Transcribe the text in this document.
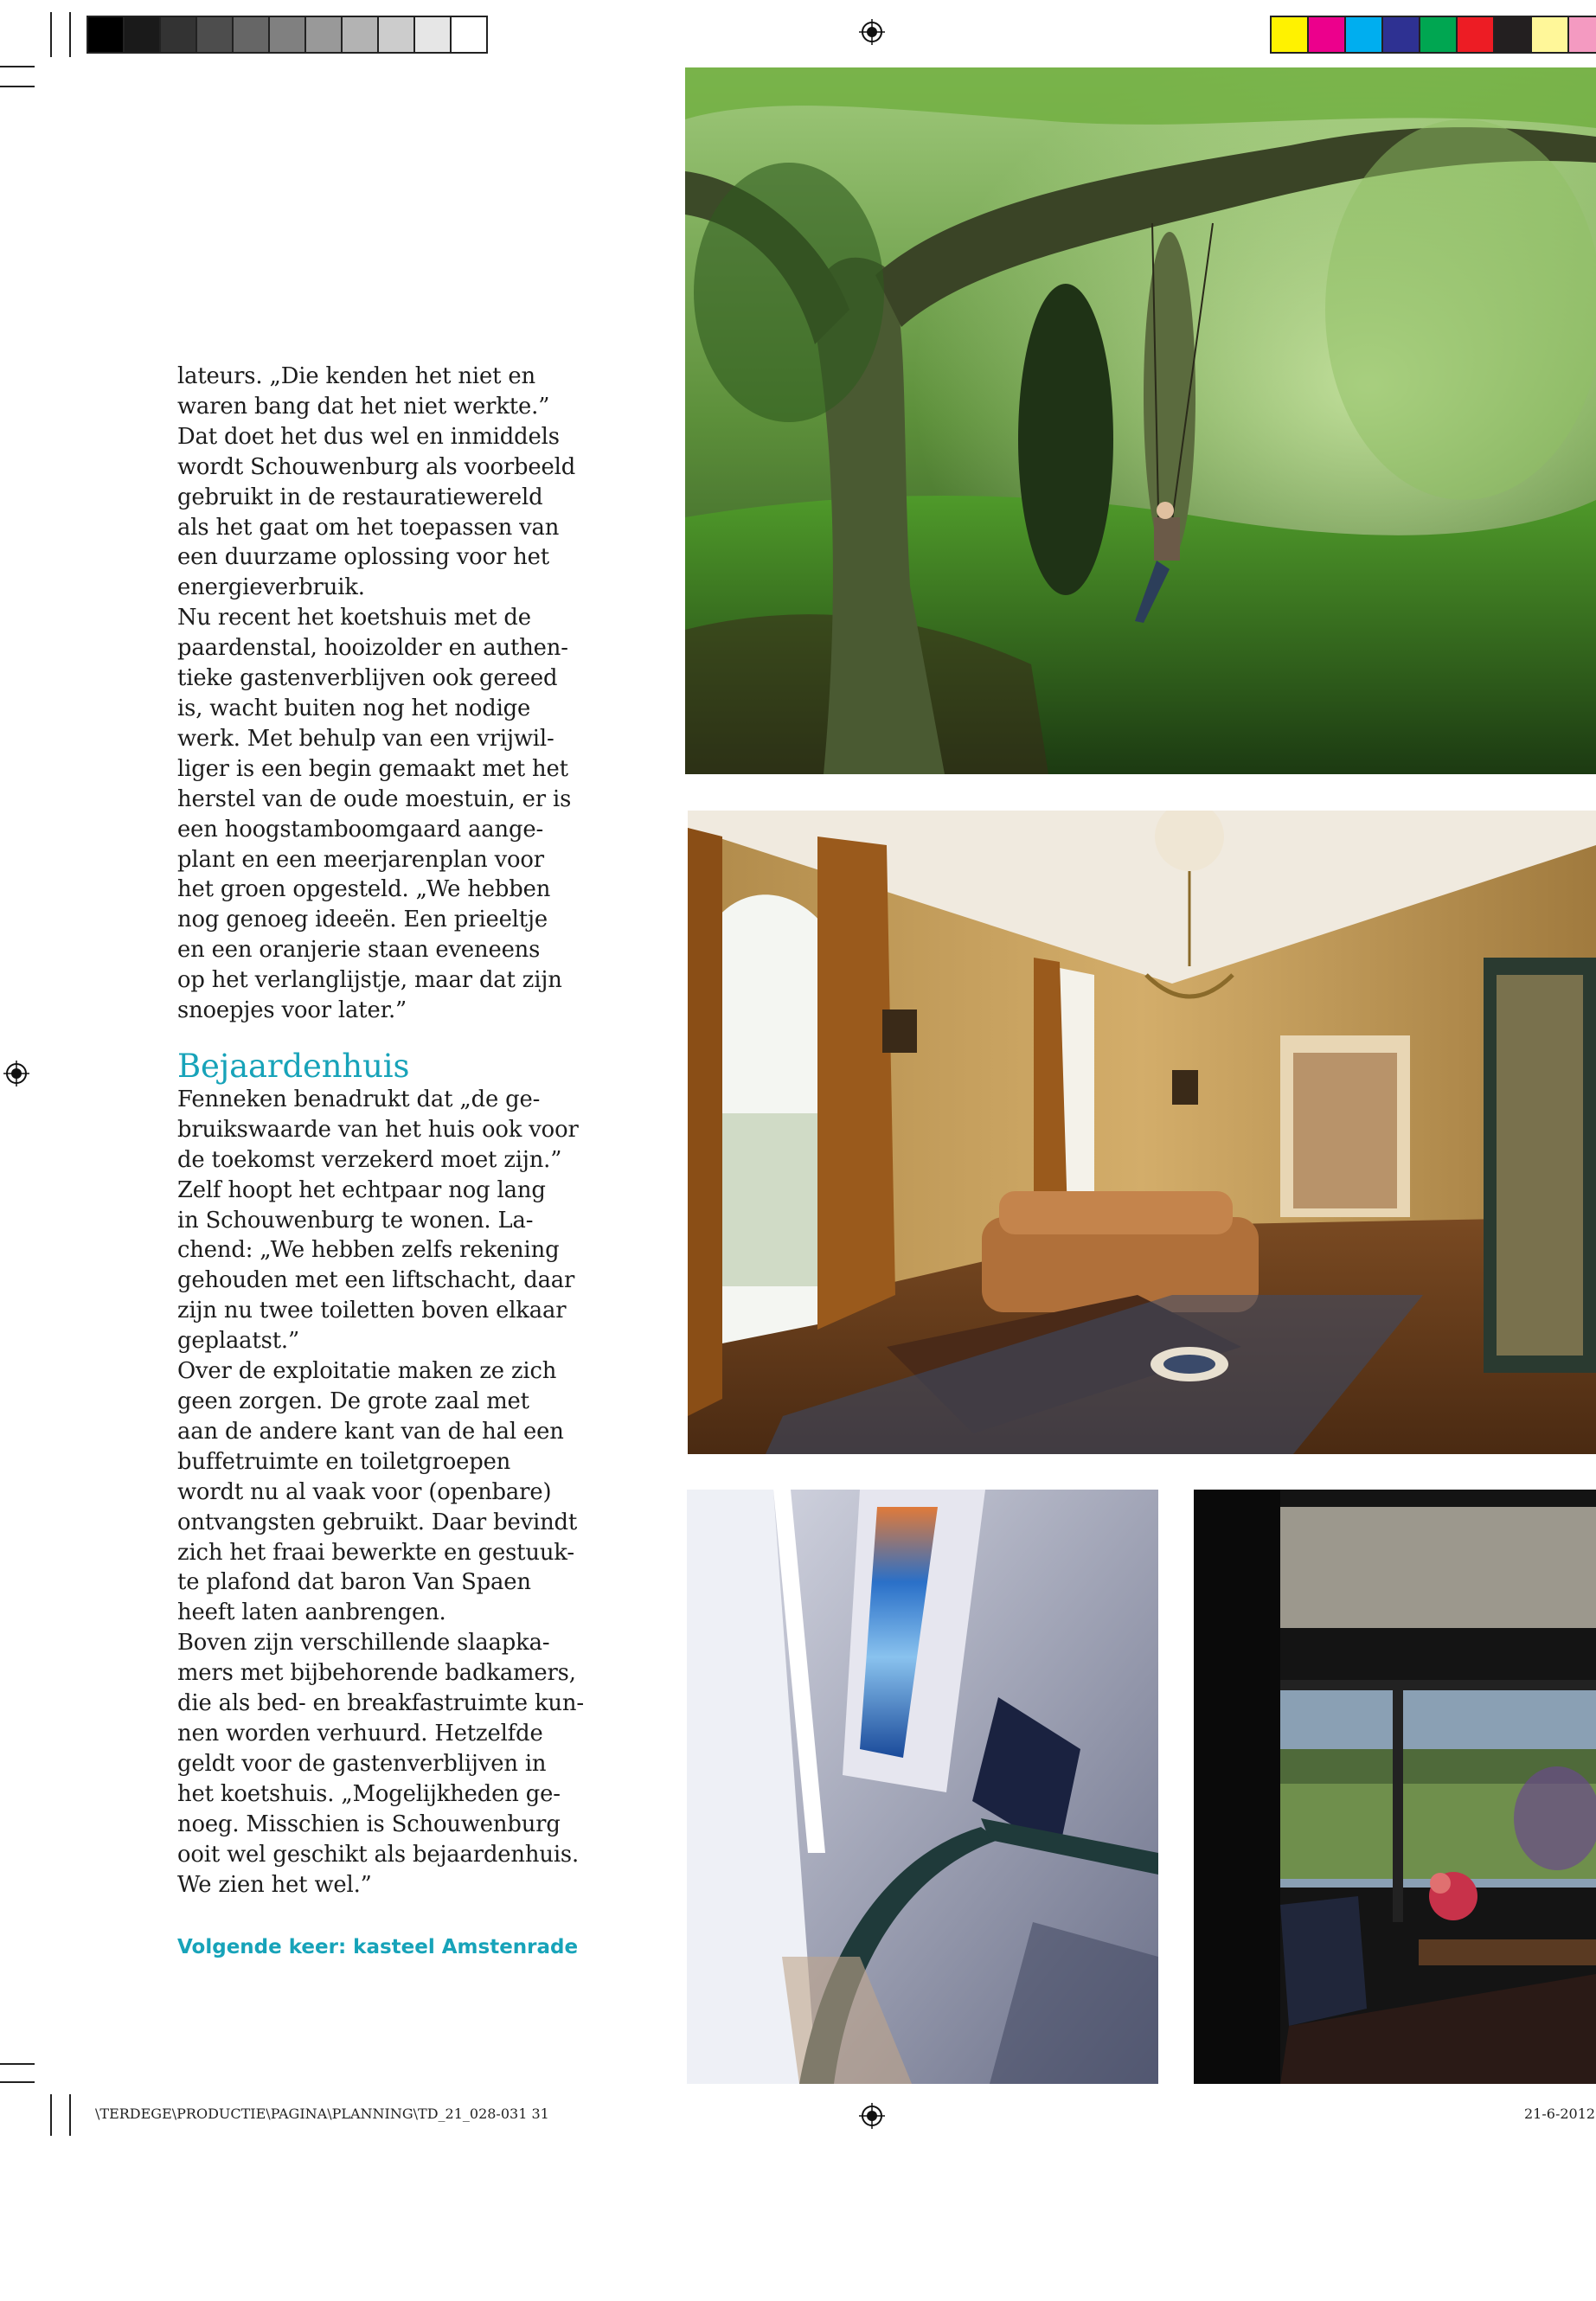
lateurs. „Die kenden het niet en

waren bang dat het niet werkte.”

Dat doet het dus wel en inmiddels

wordt Schouwenburg als voorbeeld

gebruikt in de restauratiewereld

als het gaat om het toepassen van

een duurzame oplossing voor het

energieverbruik.

Nu recent het koetshuis met de

paardenstal, hooizolder en authen-

tieke gastenverblijven ook gereed

is, wacht buiten nog het nodige

werk. Met behulp van een vrijwil-

liger is een begin gemaakt met het

herstel van de oude moestuin, er is

een hoogstamboomgaard aange-

plant en een meerjarenplan voor

het groen opgesteld. „We hebben

nog genoeg ideeën. Een prieeltje

en een oranjerie staan eveneens

op het verlanglijstje, maar dat zijn

snoepjes voor later.”

Bejaardenhuis

Fenneken benadrukt dat „de ge-

bruikswaarde van het huis ook voor

de toekomst verzekerd moet zijn.”

Zelf hoopt het echtpaar nog lang

in Schouwenburg te wonen. La-

chend: „We hebben zelfs rekening

gehouden met een liftschacht, daar

zijn nu twee toiletten boven elkaar

geplaatst.”

Over de exploitatie maken ze zich

geen zorgen. De grote zaal met

aan de andere kant van de hal een

buffetruimte en toiletgroepen

wordt nu al vaak voor (openbare)

ontvangsten gebruikt. Daar bevindt

zich het fraai bewerkte en gestuuk-

te plafond dat baron Van Spaen

heeft laten aanbrengen.

Boven zijn verschillende slaapka-

mers met bijbehorende badkamers,

die als bed- en breakfastruimte kun-

nen worden verhuurd. Hetzelfde

geldt voor de gastenverblijven in

het koetshuis. „Mogelijkheden ge-

noeg. Misschien is Schouwenburg

ooit wel geschikt als bejaardenhuis.

We zien het wel.”

Volgende keer: kasteel Amstenrade
\TERDEGE\PRODUCTIE\PAGINA\PLANNING\TD_21_028-031 31	21-6-2012
